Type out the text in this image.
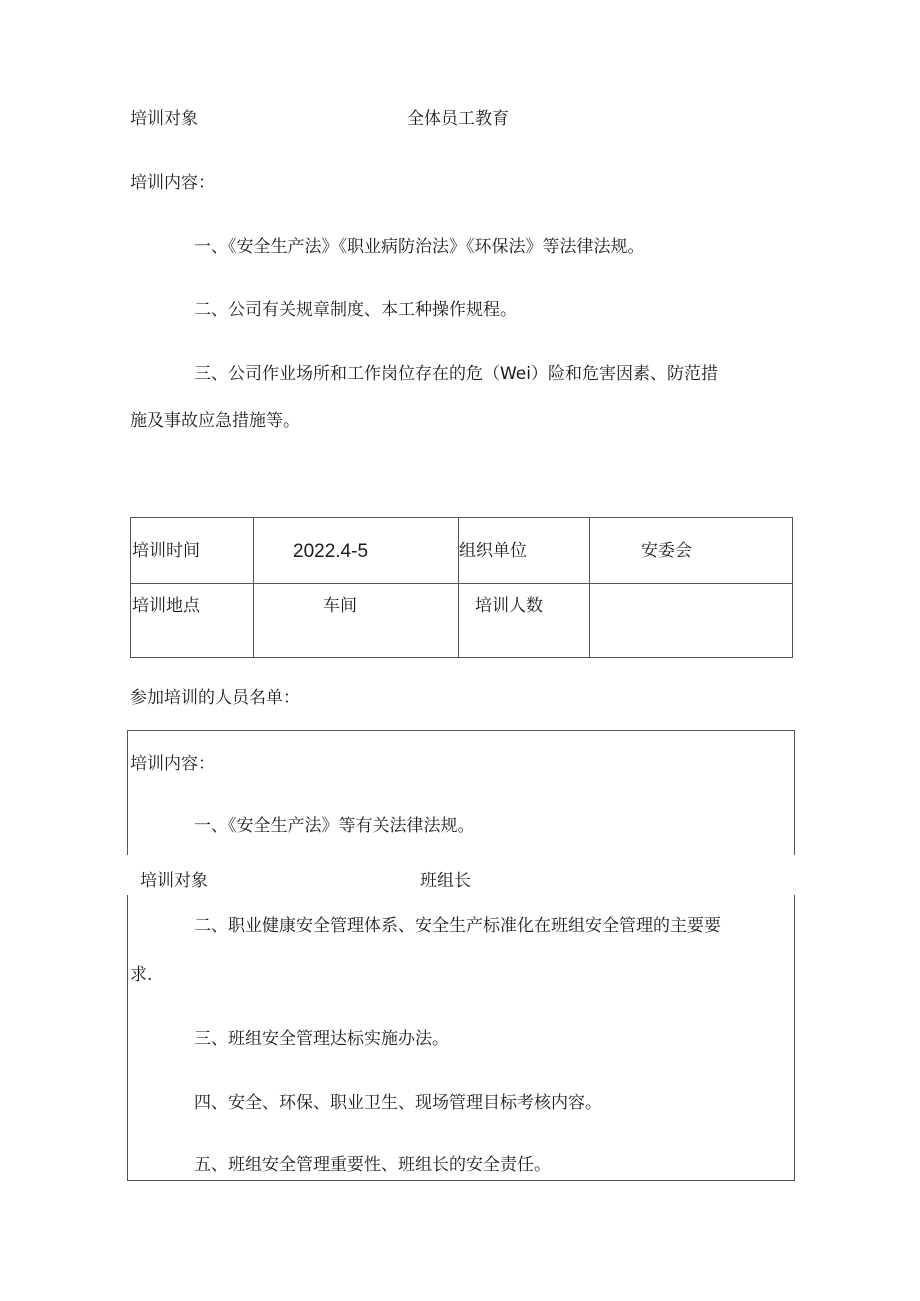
培训对象	全体员工教育
培训内容：
一、《安全生产法》《职业病防治法》《环保法》等法律法规。
二、公司有关规章制度、本工种操作规程。
三、公司作业场所和工作岗位存在的危（Wei）险和危害因素、防范措
施及事故应急措施等。
培训时间	2022.4-5	组织单位	安委会
培训地点	车间	培训人数
参加培训的人员名单：
培训内容：
一、《安全生产法》等有关法律法规。
培训对象	班组长
二、职业健康安全管理体系、安全生产标准化在班组安全管理的主要要
求.
三、班组安全管理达标实施办法。
四、安全、环保、职业卫生、现场管理目标考核内容。
五、班组安全管理重要性、班组长的安全责任。
